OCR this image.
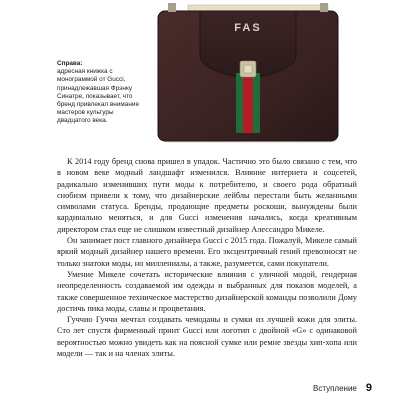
FAS
Справа:
адресная книжка с монограммой от Gucci, принадлежавшая Фрэнку Синатре, показывает, что бренд привлекал внимание мастеров культуры двадцатого века.

К 2014 году бренд снова пришел в упадок. Частично это было связано с тем, что в новом веке модный ландшафт изменился. Влияние интернета и соцсетей, радикально изменивших пути моды к потребителю, и своего рода обратный снобизм привели к тому, что дизайнерские лейблы перестали быть желанными символами статуса. Бренды, продающие предметы роскоши, вынуждены были кардинально меняться, и для Gucci изменения начались, когда креативным директором стал еще не слишком известный дизайнер Алессандро Микеле.

Он занимает пост главного дизайнера Gucci с 2015 года. Пожалуй, Микеле самый яркий модный дизайнер нашего времени. Его эксцентричный гений превозносят не только знатоки моды, но миллениалы, а также, разумеется, сами покупатели.

Умение Микеле сочетать исторические влияния с уличной модой, гендерная неопределенность создаваемой им одежды и выбранных для показов моделей, а также совершенное техническое мастерство дизайнерской команды позволили Дому достичь пика моды, славы и процветания.

Гуччио Гуччи мечтал создавать чемоданы и сумки из лучшей кожи для элиты. Сто лет спустя фирменный принт Gucci или логотип с двойной «G» с одинаковой вероятностью можно увидеть как на поясной сумке или ремне звезды хип-хопа или модели — так и на членах элиты.

Вступление 9
